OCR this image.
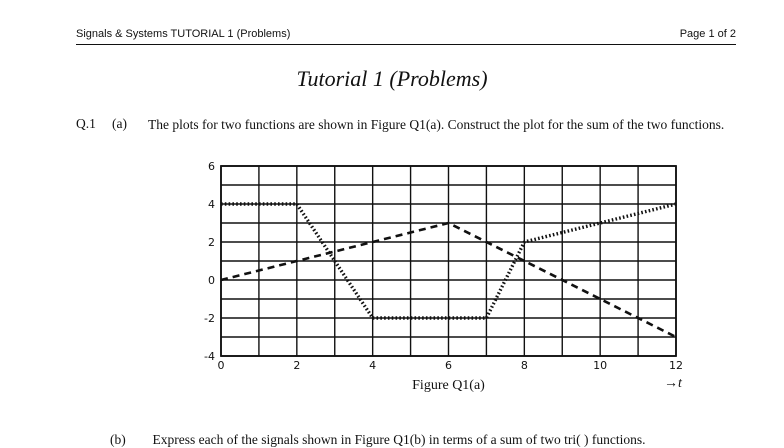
Signals & Systems TUTORIAL 1 (Problems)	Page 1 of 2
Tutorial 1 (Problems)
Q.1 (a) The plots for two functions are shown in Figure Q1(a). Construct the plot for the sum of the two functions.
0	2	4	6	8	10	12
-4
-2
0
2
4
6
Figure Q1(a)	→t
(b) Express each of the signals shown in Figure Q1(b) in terms of a sum of two tri( ) functions.
